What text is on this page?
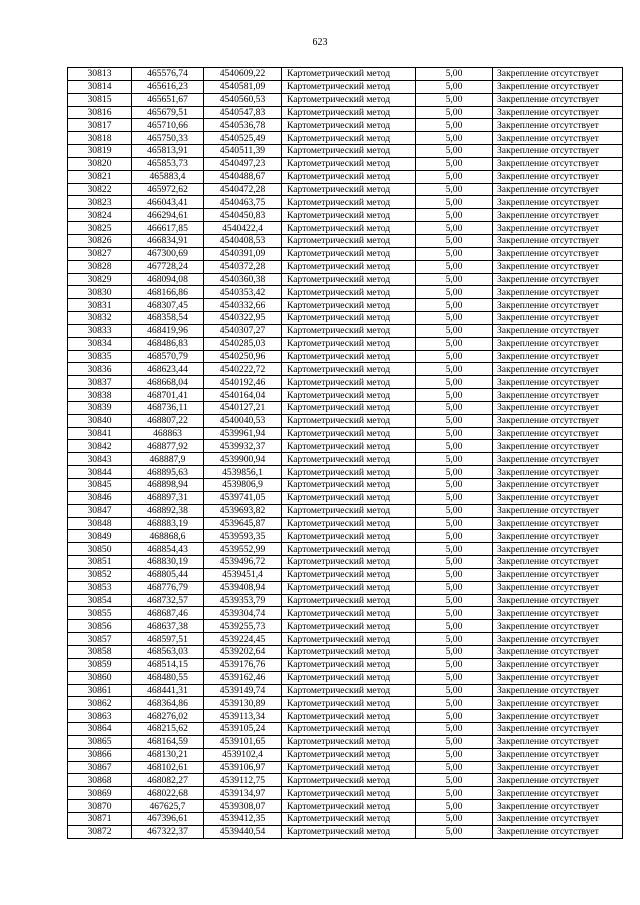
623
30813	465576,74	4540609,22	Картометрический метод	5,00	Закрепление отсутствует
30814	465616,23	4540581,09	Картометрический метод	5,00	Закрепление отсутствует
30815	465651,67	4540560,53	Картометрический метод	5,00	Закрепление отсутствует
30816	465679,51	4540547,83	Картометрический метод	5,00	Закрепление отсутствует
30817	465710,66	4540536,78	Картометрический метод	5,00	Закрепление отсутствует
30818	465750,33	4540525,49	Картометрический метод	5,00	Закрепление отсутствует
30819	465813,91	4540511,39	Картометрический метод	5,00	Закрепление отсутствует
30820	465853,73	4540497,23	Картометрический метод	5,00	Закрепление отсутствует
30821	465883,4	4540488,67	Картометрический метод	5,00	Закрепление отсутствует
30822	465972,62	4540472,28	Картометрический метод	5,00	Закрепление отсутствует
30823	466043,41	4540463,75	Картометрический метод	5,00	Закрепление отсутствует
30824	466294,61	4540450,83	Картометрический метод	5,00	Закрепление отсутствует
30825	466617,85	4540422,4	Картометрический метод	5,00	Закрепление отсутствует
30826	466834,91	4540408,53	Картометрический метод	5,00	Закрепление отсутствует
30827	467300,69	4540391,09	Картометрический метод	5,00	Закрепление отсутствует
30828	467728,24	4540372,28	Картометрический метод	5,00	Закрепление отсутствует
30829	468094,08	4540360,38	Картометрический метод	5,00	Закрепление отсутствует
30830	468166,86	4540353,42	Картометрический метод	5,00	Закрепление отсутствует
30831	468307,45	4540332,66	Картометрический метод	5,00	Закрепление отсутствует
30832	468358,54	4540322,95	Картометрический метод	5,00	Закрепление отсутствует
30833	468419,96	4540307,27	Картометрический метод	5,00	Закрепление отсутствует
30834	468486,83	4540285,03	Картометрический метод	5,00	Закрепление отсутствует
30835	468570,79	4540250,96	Картометрический метод	5,00	Закрепление отсутствует
30836	468623,44	4540222,72	Картометрический метод	5,00	Закрепление отсутствует
30837	468668,04	4540192,46	Картометрический метод	5,00	Закрепление отсутствует
30838	468701,41	4540164,04	Картометрический метод	5,00	Закрепление отсутствует
30839	468736,11	4540127,21	Картометрический метод	5,00	Закрепление отсутствует
30840	468807,22	4540040,53	Картометрический метод	5,00	Закрепление отсутствует
30841	468863	4539961,94	Картометрический метод	5,00	Закрепление отсутствует
30842	468877,92	4539932,37	Картометрический метод	5,00	Закрепление отсутствует
30843	468887,9	4539900,94	Картометрический метод	5,00	Закрепление отсутствует
30844	468895,63	4539856,1	Картометрический метод	5,00	Закрепление отсутствует
30845	468898,94	4539806,9	Картометрический метод	5,00	Закрепление отсутствует
30846	468897,31	4539741,05	Картометрический метод	5,00	Закрепление отсутствует
30847	468892,38	4539693,82	Картометрический метод	5,00	Закрепление отсутствует
30848	468883,19	4539645,87	Картометрический метод	5,00	Закрепление отсутствует
30849	468868,6	4539593,35	Картометрический метод	5,00	Закрепление отсутствует
30850	468854,43	4539552,99	Картометрический метод	5,00	Закрепление отсутствует
30851	468830,19	4539496,72	Картометрический метод	5,00	Закрепление отсутствует
30852	468805,44	4539451,4	Картометрический метод	5,00	Закрепление отсутствует
30853	468776,79	4539408,94	Картометрический метод	5,00	Закрепление отсутствует
30854	468732,57	4539353,79	Картометрический метод	5,00	Закрепление отсутствует
30855	468687,46	4539304,74	Картометрический метод	5,00	Закрепление отсутствует
30856	468637,38	4539255,73	Картометрический метод	5,00	Закрепление отсутствует
30857	468597,51	4539224,45	Картометрический метод	5,00	Закрепление отсутствует
30858	468563,03	4539202,64	Картометрический метод	5,00	Закрепление отсутствует
30859	468514,15	4539176,76	Картометрический метод	5,00	Закрепление отсутствует
30860	468480,55	4539162,46	Картометрический метод	5,00	Закрепление отсутствует
30861	468441,31	4539149,74	Картометрический метод	5,00	Закрепление отсутствует
30862	468364,86	4539130,89	Картометрический метод	5,00	Закрепление отсутствует
30863	468276,02	4539113,34	Картометрический метод	5,00	Закрепление отсутствует
30864	468215,62	4539105,24	Картометрический метод	5,00	Закрепление отсутствует
30865	468164,59	4539101,65	Картометрический метод	5,00	Закрепление отсутствует
30866	468130,21	4539102,4	Картометрический метод	5,00	Закрепление отсутствует
30867	468102,61	4539106,97	Картометрический метод	5,00	Закрепление отсутствует
30868	468082,27	4539112,75	Картометрический метод	5,00	Закрепление отсутствует
30869	468022,68	4539134,97	Картометрический метод	5,00	Закрепление отсутствует
30870	467625,7	4539308,07	Картометрический метод	5,00	Закрепление отсутствует
30871	467396,61	4539412,35	Картометрический метод	5,00	Закрепление отсутствует
30872	467322,37	4539440,54	Картометрический метод	5,00	Закрепление отсутствует
